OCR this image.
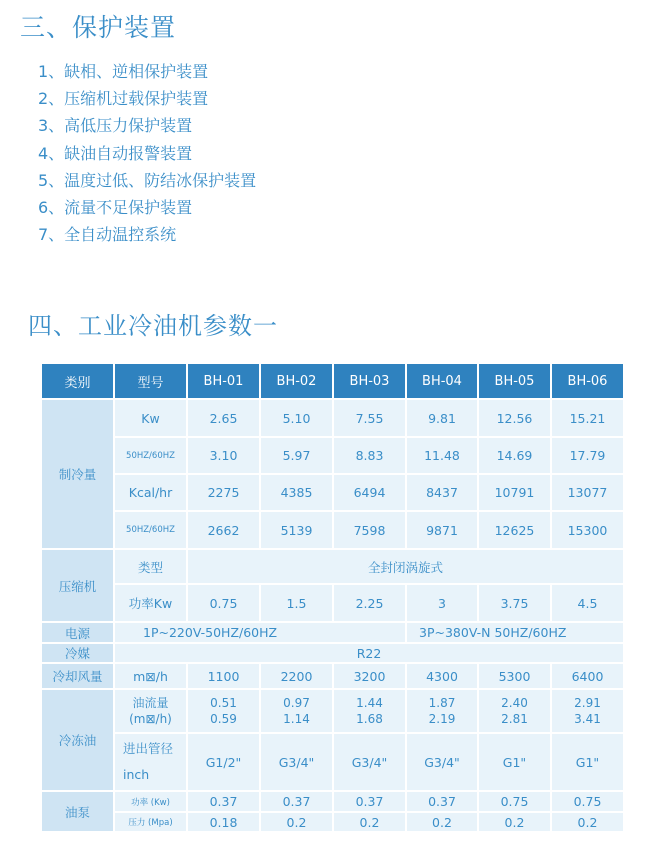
三、保护装置
1、缺相、逆相保护装置
2、压缩机过载保护装置
3、高低压力保护装置
4、缺油自动报警装置
5、温度过低、防结冰保护装置
6、流量不足保护装置
7、全自动温控系统
四、工业冷油机参数一
类别	型号	BH-01	BH-02	BH-03	BH-04	BH-05	BH-06
制冷量	Kw	2.65	5.10	7.55	9.81	12.56	15.21
	50HZ/60HZ	3.10	5.97	8.83	11.48	14.69	17.79
	Kcal/hr	2275	4385	6494	8437	10791	13077
	50HZ/60HZ	2662	5139	7598	9871	12625	15300
压缩机	类型	全封闭涡旋式					
	功率Kw	0.75	1.5	2.25	3	3.75	4.5
电源	1P~220V-50HZ/60HZ				3P~380V-N 50HZ/60HZ		
冷媒	R22						
冷却风量	m⊠/h	1100	2200	3200	4300	5300	6400
冷冻油	油流量
(m⊠/h)	0.51
0.59	0.97
1.14	1.44
1.68	1.87
2.19	2.40
2.81	2.91
3.41

	进出管径
inch	G1/2"	G3/4"	G3/4"	G3/4"	G1"	G1"
油泵	功率 (Kw)	0.37	0.37	0.37	0.37	0.75	0.75
	压力 (Mpa)	0.18	0.2	0.2	0.2	0.2	0.2
